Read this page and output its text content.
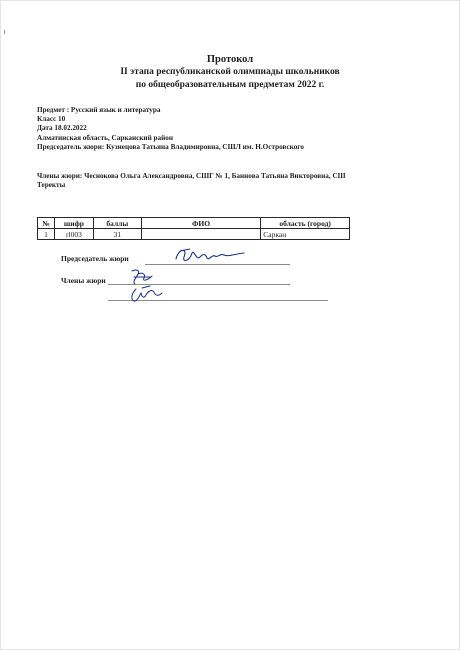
Протокол
II этапа республиканской олимпиады школьников
по общеобразовательным предметам 2022 г.
Предмет : Русский язык и литература
Класс 10
Дата 18.02.2022
Алматинская область, Сарканский район
Председатель жюри: Кузнецова Татьяна Владимировна, СШЛ им. Н.Островского
Члены жюри: Чеснокова Ольга Александровна, СШГ № 1, Баннова Татьяна Викторовна, СШ Теректы
№	шифр	баллы	ФИО	область (город)
1	rl003	31		Саркан
Председатель жюри
Члены жюри
